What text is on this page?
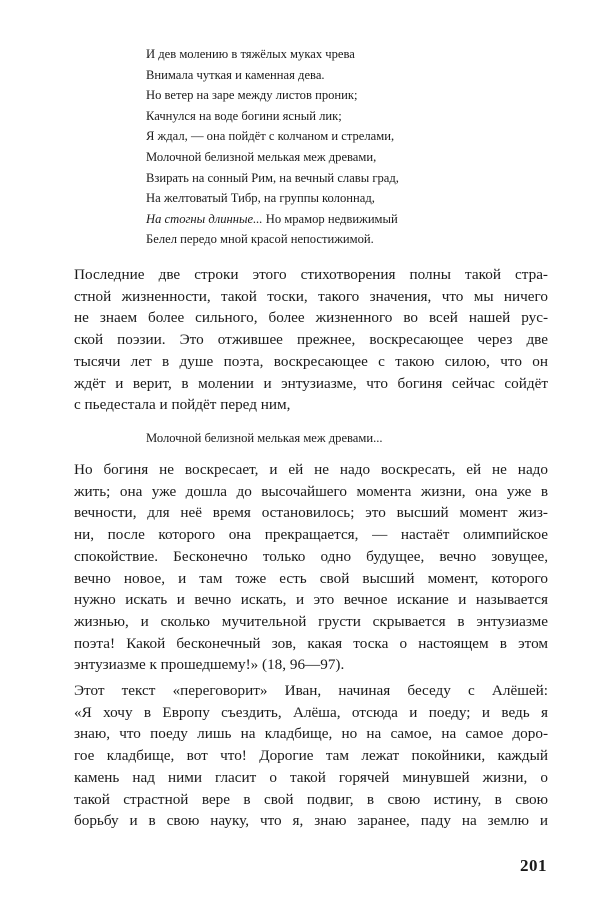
И дев молению в тяжёлых муках чрева
Внимала чуткая и каменная дева.
Но ветер на заре между листов проник;
Качнулся на воде богини ясный лик;
Я ждал, — она пойдёт с колчаном и стрелами,
Молочной белизной мелькая меж древами,
Взирать на сонный Рим, на вечный славы град,
На желтоватый Тибр, на группы колоннад,
На стогны длинные... Но мрамор недвижимый
Белел передо мной красой непостижимой.
Последние две строки этого стихотворения полны такой стра-
стной жизненности, такой тоски, такого значения, что мы ничего
не знаем более сильного, более жизненного во всей нашей рус-
ской поэзии. Это отжившее прежнее, воскресающее через две
тысячи лет в душе поэта, воскресающее с такою силою, что он
ждёт и верит, в молении и энтузиазме, что богиня сейчас сойдёт
с пьедестала и пойдёт перед ним,
Молочной белизной мелькая меж древами...
Но богиня не воскресает, и ей не надо воскресать, ей не надо
жить; она уже дошла до высочайшего момента жизни, она уже в
вечности, для неё время остановилось; это высший момент жиз-
ни, после которого она прекращается, — настаёт олимпийское
спокойствие. Бесконечно только одно будущее, вечно зовущее,
вечно новое, и там тоже есть свой высший момент, которого
нужно искать и вечно искать, и это вечное искание и называется
жизнью, и сколько мучительной грусти скрывается в энтузиазме
поэта! Какой бесконечный зов, какая тоска о настоящем в этом
энтузиазме к прошедшему!» (18, 96—97).
Этот текст «переговорит» Иван, начиная беседу с Алёшей:
«Я хочу в Европу съездить, Алёша, отсюда и поеду; и ведь я
знаю, что поеду лишь на кладбище, но на самое, на самое доро-
гое кладбище, вот что! Дорогие там лежат покойники, каждый
камень над ними гласит о такой горячей минувшей жизни, о
такой страстной вере в свой подвиг, в свою истину, в свою
борьбу и в свою науку, что я, знаю заранее, паду на землю и
201
